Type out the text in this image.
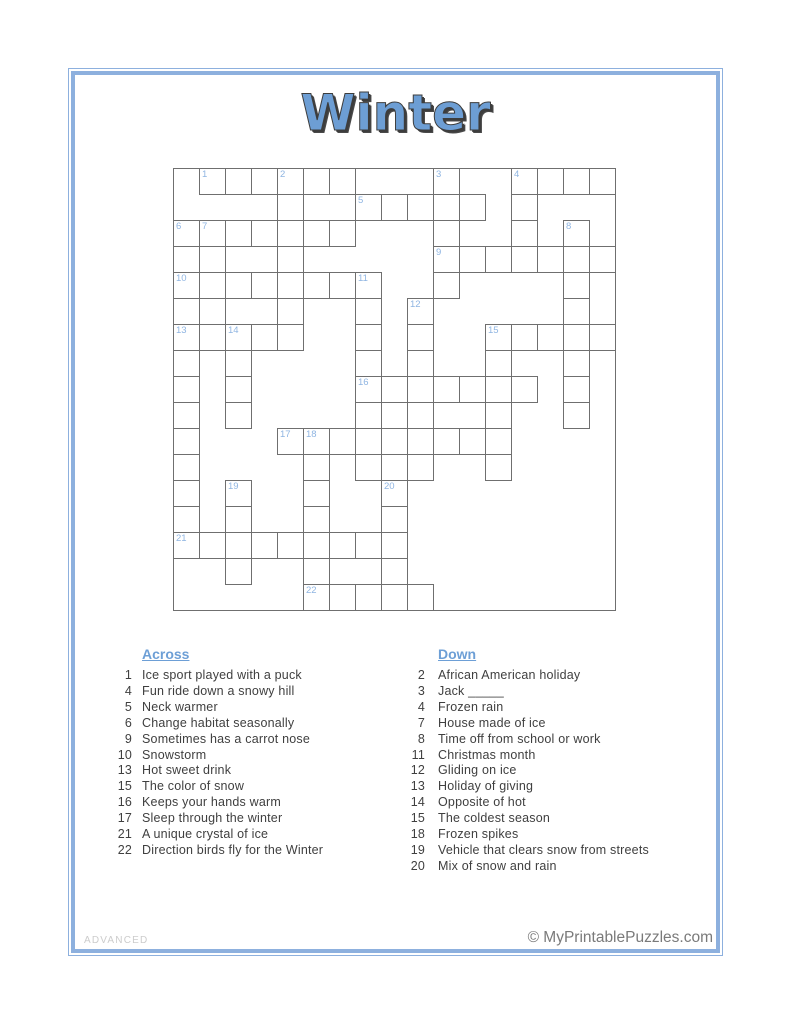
Winter
1	2	3	4
5
6 7	8
9
10	11
12
13	14	15
16
17 18
19	20
21
22
Across
1 Ice sport played with a puck
4 Fun ride down a snowy hill
5 Neck warmer
6 Change habitat seasonally
9 Sometimes has a carrot nose
10 Snowstorm
13 Hot sweet drink
15 The color of snow
16 Keeps your hands warm
17 Sleep through the winter
21 A unique crystal of ice
22 Direction birds fly for the Winter
Down
2 African American holiday
3 Jack _____
4 Frozen rain
7 House made of ice
8 Time off from school or work
11 Christmas month
12 Gliding on ice
13 Holiday of giving
14 Opposite of hot
15 The coldest season
18 Frozen spikes
19 Vehicle that clears snow from streets
20 Mix of snow and rain
ADVANCED	© MyPrintablePuzzles.com
